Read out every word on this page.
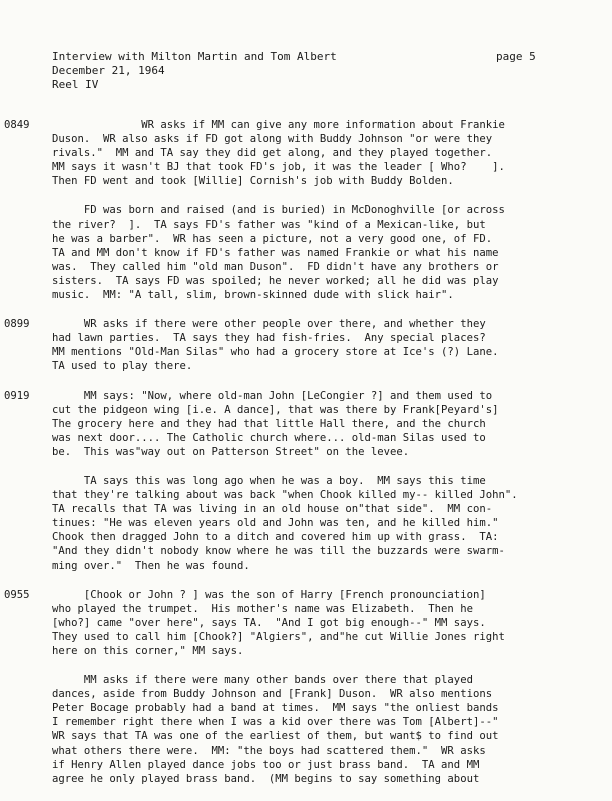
Interview with Milton Martin and Tom Albert
December 21, 1964
Reel IV
page 5
0849	WR asks if MM can give any more information about Frankie
Duson.  WR also asks if FD got along with Buddy Johnson "or were they
rivals."  MM and TA say they did get along, and they played together.
MM says it wasn't BJ that took FD's job, it was the leader [ Who?    ].
Then FD went and took [Willie] Cornish's job with Buddy Bolden.
FD was born and raised (and is buried) in McDonoghville [or across
the river?  ].  TA says FD's father was "kind of a Mexican-like, but
he was a barber".  WR has seen a picture, not a very good one, of FD.
TA and MM don't know if FD's father was named Frankie or what his name
was.  They called him "old man Duson".  FD didn't have any brothers or
sisters.  TA says FD was spoiled; he never worked; all he did was play
music.  MM: "A tall, slim, brown-skinned dude with slick hair".
0899	WR asks if there were other people over there, and whether they
had lawn parties.  TA says they had fish-fries.  Any special places?
MM mentions "Old-Man Silas" who had a grocery store at Ice's (?) Lane.
TA used to play there.
0919	MM says: "Now, where old-man John [LeCongier ?] and them used to
cut the pidgeon wing [i.e. A dance], that was there by Frank[Peyard's]
The grocery here and they had that little Hall there, and the church
was next door.... The Catholic church where... old-man Silas used to
be.  This was"way out on Patterson Street" on the levee.
TA says this was long ago when he was a boy.  MM says this time
that they're talking about was back "when Chook killed my-- killed John".
TA recalls that TA was living in an old house on"that side".  MM con-
tinues: "He was eleven years old and John was ten, and he killed him."
Chook then dragged John to a ditch and covered him up with grass.  TA:
"And they didn't nobody know where he was till the buzzards were swarm-
ming over."  Then he was found.
0955	[Chook or John ? ] was the son of Harry [French pronounciation]
who played the trumpet.  His mother's name was Elizabeth.  Then he
[who?] came "over here", says TA.  "And I got big enough--" MM says.
They used to call him [Chook?] "Algiers", and"he cut Willie Jones right
here on this corner," MM says.
MM asks if there were many other bands over there that played
dances, aside from Buddy Johnson and [Frank] Duson.  WR also mentions
Peter Bocage probably had a band at times.  MM says "the onliest bands
I remember right there when I was a kid over there was Tom [Albert]--"
WR says that TA was one of the earliest of them, but want$ to find out
what others there were.  MM: "the boys had scattered them."  WR asks
if Henry Allen played dance jobs too or just brass band.  TA and MM
agree he only played brass band.  (MM begins to say something about
